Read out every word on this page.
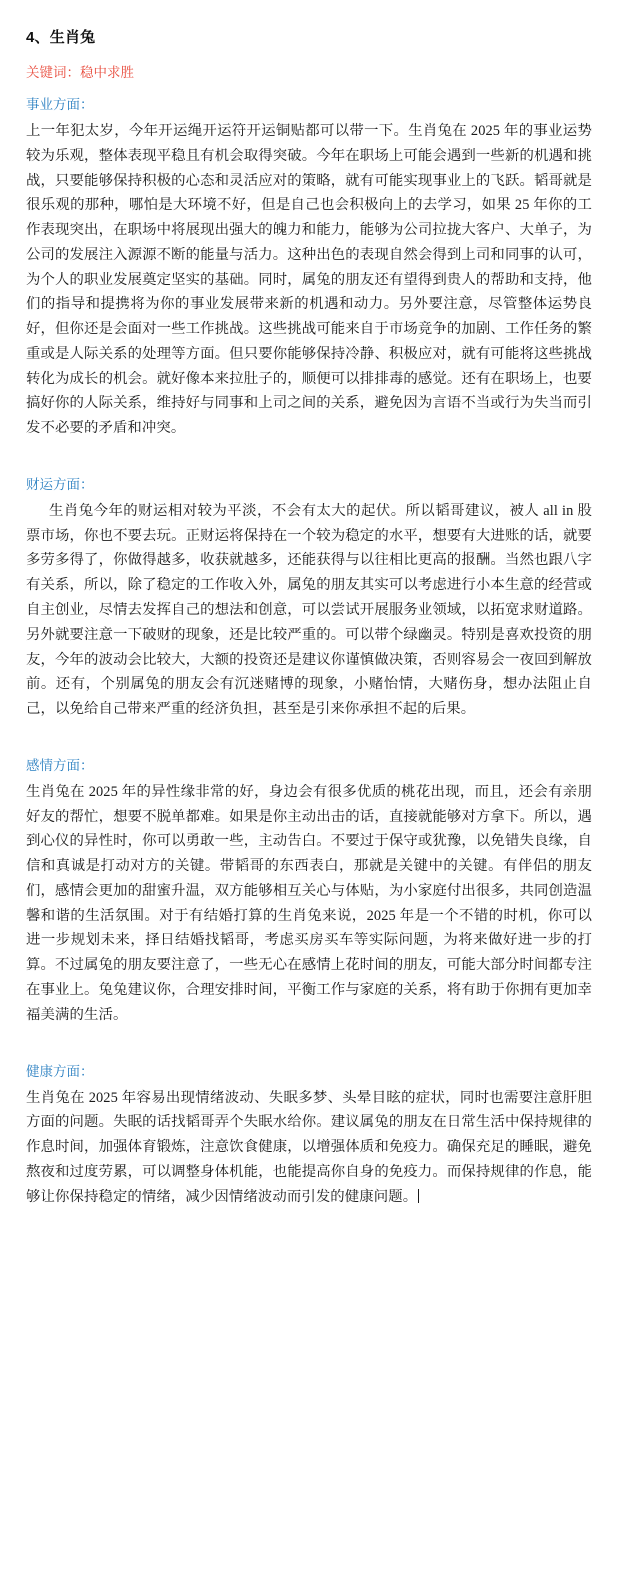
4、生肖兔

关键词：稳中求胜

事业方面：

上一年犯太岁，今年开运绳开运符开运铜贴都可以带一下。生肖兔在 2025 年的事业运势较为乐观，整体表现平稳且有机会取得突破。今年在职场上可能会遇到一些新的机遇和挑战，只要能够保持积极的心态和灵活应对的策略，就有可能实现事业上的飞跃。韬哥就是很乐观的那种，哪怕是大环境不好，但是自己也会积极向上的去学习，如果 25 年你的工作表现突出，在职场中将展现出强大的魄力和能力，能够为公司拉拢大客户、大单子，为公司的发展注入源源不断的能量与活力。这种出色的表现自然会得到上司和同事的认可，为个人的职业发展奠定坚实的基础。同时，属兔的朋友还有望得到贵人的帮助和支持，他们的指导和提携将为你的事业发展带来新的机遇和动力。另外要注意，尽管整体运势良好，但你还是会面对一些工作挑战。这些挑战可能来自于市场竞争的加剧、工作任务的繁重或是人际关系的处理等方面。但只要你能够保持冷静、积极应对，就有可能将这些挑战转化为成长的机会。就好像本来拉肚子的，顺便可以排排毒的感觉。还有在职场上，也要搞好你的人际关系，维持好与同事和上司之间的关系，避免因为言语不当或行为失当而引发不必要的矛盾和冲突。

财运方面：

生肖兔今年的财运相对较为平淡，不会有太大的起伏。所以韬哥建议，被人 all in 股票市场，你也不要去玩。正财运将保持在一个较为稳定的水平，想要有大进账的话，就要多劳多得了，你做得越多，收获就越多，还能获得与以往相比更高的报酬。当然也跟八字有关系，所以，除了稳定的工作收入外，属兔的朋友其实可以考虑进行小本生意的经营或自主创业，尽情去发挥自己的想法和创意，可以尝试开展服务业领域，以拓宽求财道路。另外就要注意一下破财的现象，还是比较严重的。可以带个绿幽灵。特别是喜欢投资的朋友，今年的波动会比较大，大额的投资还是建议你谨慎做决策，否则容易会一夜回到解放前。还有，个别属兔的朋友会有沉迷赌博的现象，小赌怡情，大赌伤身，想办法阻止自己，以免给自己带来严重的经济负担，甚至是引来你承担不起的后果。

感情方面：

生肖兔在 2025 年的异性缘非常的好，身边会有很多优质的桃花出现，而且，还会有亲朋好友的帮忙，想要不脱单都难。如果是你主动出击的话，直接就能够对方拿下。所以，遇到心仪的异性时，你可以勇敢一些，主动告白。不要过于保守或犹豫，以免错失良缘，自信和真诚是打动对方的关键。带韬哥的东西表白，那就是关键中的关键。有伴侣的朋友们，感情会更加的甜蜜升温，双方能够相互关心与体贴，为小家庭付出很多，共同创造温馨和谐的生活氛围。对于有结婚打算的生肖兔来说，2025 年是一个不错的时机，你可以进一步规划未来，择日结婚找韬哥，考虑买房买车等实际问题，为将来做好进一步的打算。不过属兔的朋友要注意了，一些无心在感情上花时间的朋友，可能大部分时间都专注在事业上。兔兔建议你，合理安排时间，平衡工作与家庭的关系，将有助于你拥有更加幸福美满的生活。

健康方面：

生肖兔在 2025 年容易出现情绪波动、失眠多梦、头晕目眩的症状，同时也需要注意肝胆方面的问题。失眠的话找韬哥弄个失眠水给你。建议属兔的朋友在日常生活中保持规律的作息时间，加强体育锻炼，注意饮食健康，以增强体质和免疫力。确保充足的睡眠，避免熬夜和过度劳累，可以调整身体机能，也能提高你自身的免疫力。而保持规律的作息，能够让你保持稳定的情绪，减少因情绪波动而引发的健康问题。
